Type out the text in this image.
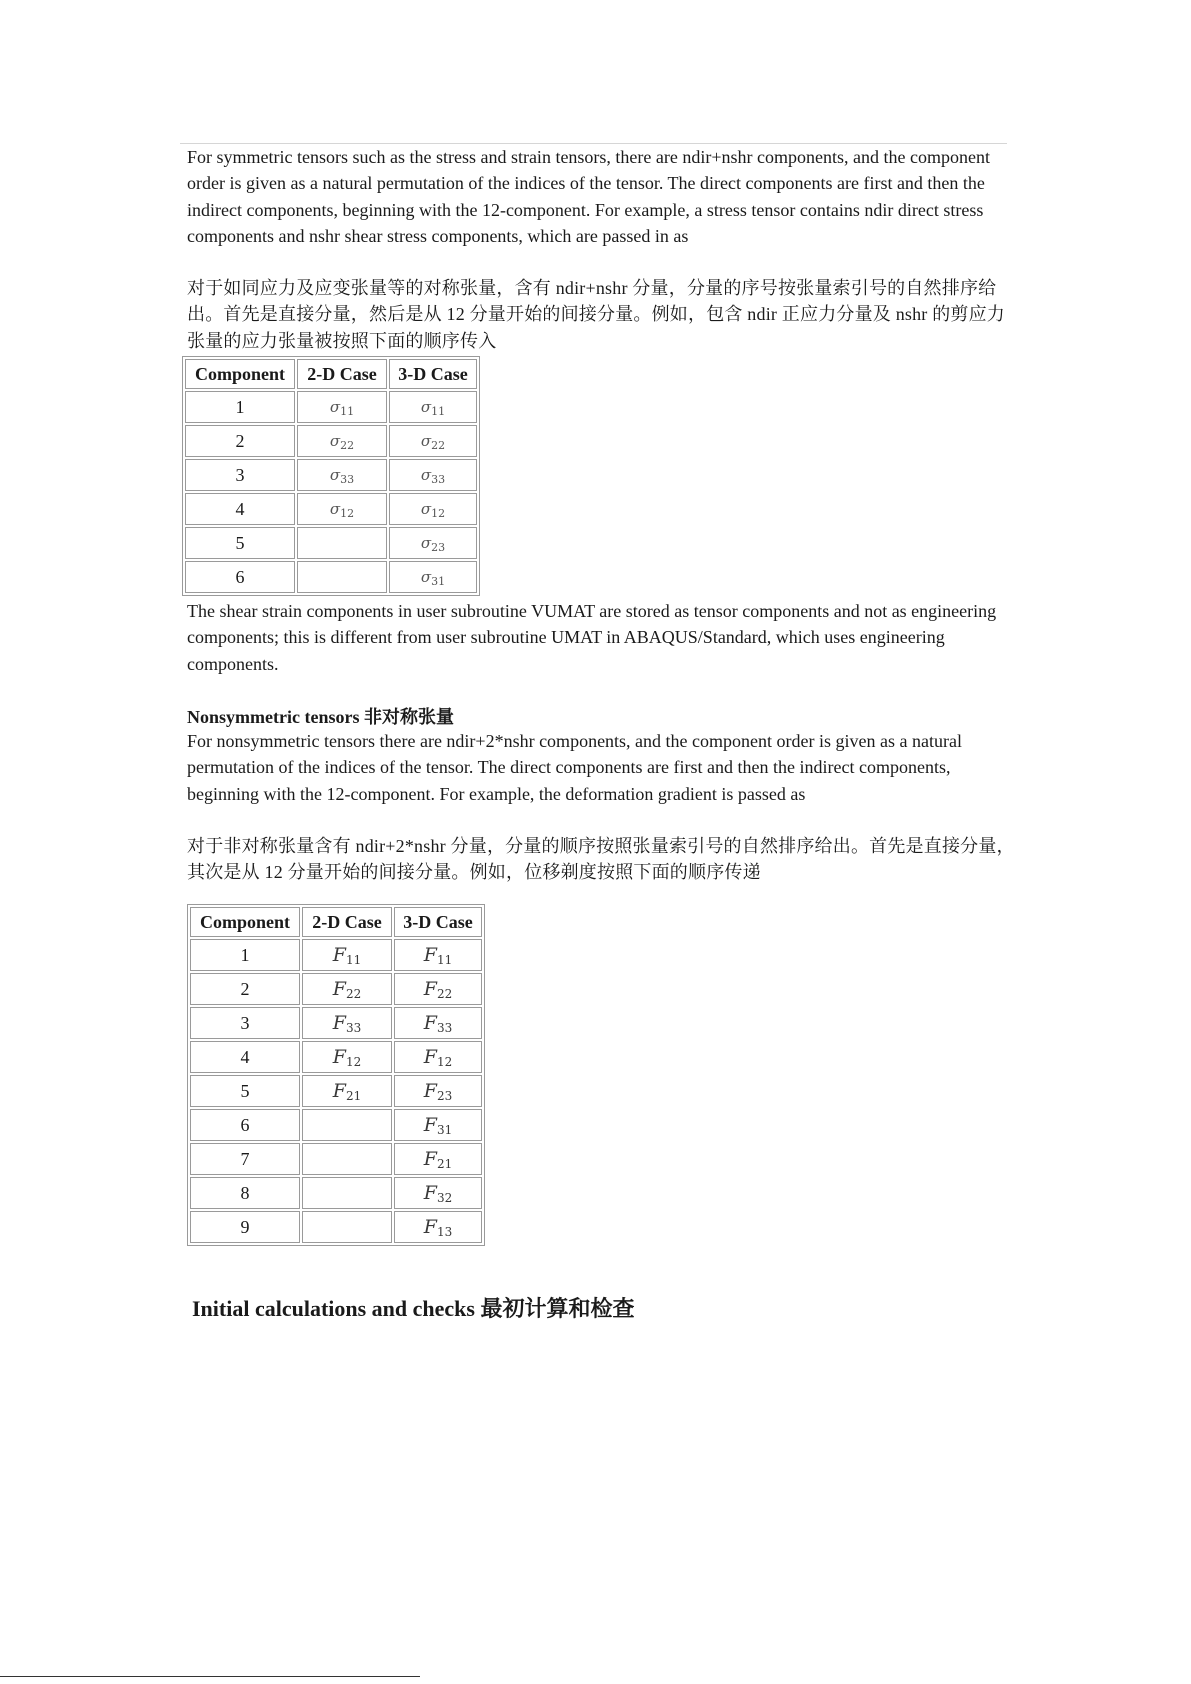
For symmetric tensors such as the stress and strain tensors, there are ndir+nshr components, and the component order is given as a natural permutation of the indices of the tensor. The direct components are first and then the indirect components, beginning with the 12-component. For example, a stress tensor contains ndir direct stress components and nshr shear stress components, which are passed in as

对于如同应力及应变张量等的对称张量，含有 ndir+nshr 分量，分量的序号按张量索引号的自然排序给出。首先是直接分量，然后是从 12 分量开始的间接分量。例如，包含 ndir 正应力分量及 nshr 的剪应力张量的应力张量被按照下面的顺序传入

Component	2-D Case	3-D Case
1	$\sigma_{11}$	$\sigma_{11}$
2	$\sigma_{22}$	$\sigma_{22}$
3	$\sigma_{33}$	$\sigma_{33}$
4	$\sigma_{12}$	$\sigma_{12}$
5		$\sigma_{23}$
6		$\sigma_{31}$

The shear strain components in user subroutine VUMAT are stored as tensor components and not as engineering components; this is different from user subroutine UMAT in ABAQUS/Standard, which uses engineering components.

Nonsymmetric tensors 非对称张量

For nonsymmetric tensors there are ndir+2*nshr components, and the component order is given as a natural permutation of the indices of the tensor. The direct components are first and then the indirect components, beginning with the 12-component. For example, the deformation gradient is passed as

对于非对称张量含有 ndir+2*nshr 分量，分量的顺序按照张量索引号的自然排序给出。首先是直接分量，其次是从 12 分量开始的间接分量。例如，位移剃度按照下面的顺序传递

Component	2-D Case	3-D Case
1	$F_{11}$	$F_{11}$
2	$F_{22}$	$F_{22}$
3	$F_{33}$	$F_{33}$
4	$F_{12}$	$F_{12}$
5	$F_{21}$	$F_{23}$
6		$F_{31}$
7		$F_{21}$
8		$F_{32}$
9		$F_{13}$

Initial calculations and checks 最初计算和检查
